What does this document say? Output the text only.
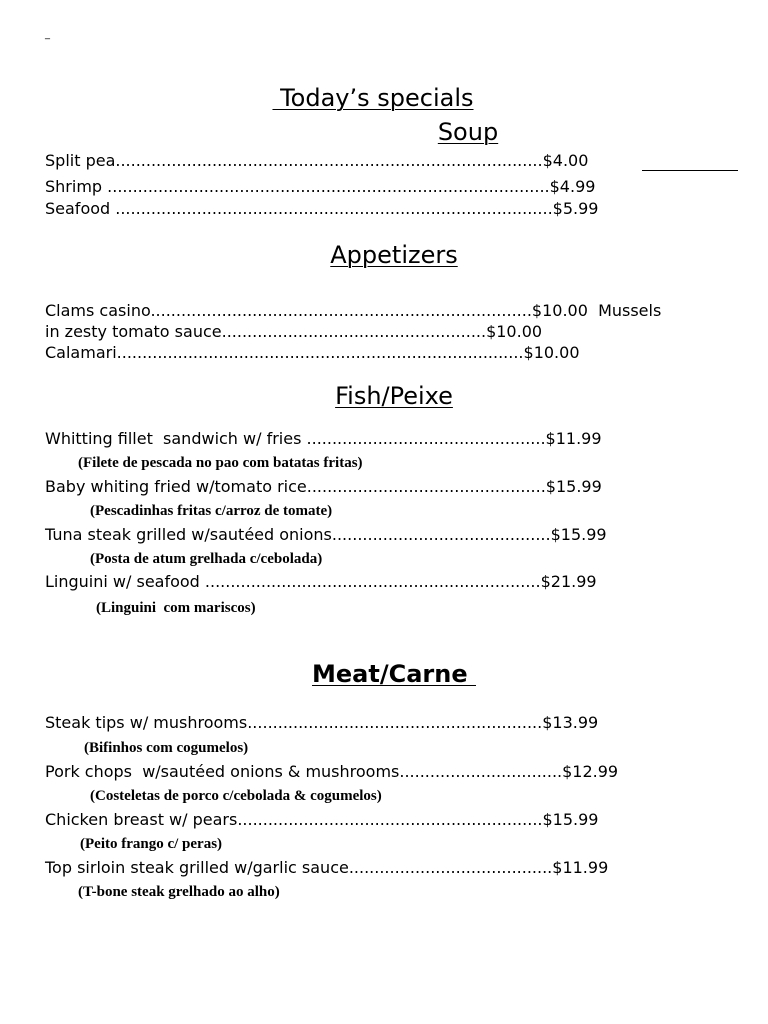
_
Today’s specials
Soup
Split pea....................................................................................$4.00
Shrimp .......................................................................................$4.99
Seafood ......................................................................................$5.99
Appetizers
Clams casino...........................................................................$10.00  Mussels
in zesty tomato sauce....................................................$10.00
Calamari................................................................................$10.00
Fish/Peixe
Whitting fillet  sandwich w/ fries ...............................................$11.99
(Filete de pescada no pao com batatas fritas)
Baby whiting fried w/tomato rice...............................................$15.99
(Pescadinhas fritas c/arroz de tomate)
Tuna steak grilled w/sautéed onions...........................................$15.99
(Posta de atum grelhada c/cebolada)
Linguini w/ seafood ..................................................................$21.99
(Linguini  com mariscos)
Meat/Carne
Steak tips w/ mushrooms..........................................................$13.99
(Bifinhos com cogumelos)
Pork chops  w/sautéed onions & mushrooms................................$12.99
(Costeletas de porco c/cebolada & cogumelos)
Chicken breast w/ pears............................................................$15.99
(Peito frango c/ peras)
Top sirloin steak grilled w/garlic sauce........................................$11.99
(T-bone steak grelhado ao alho)
